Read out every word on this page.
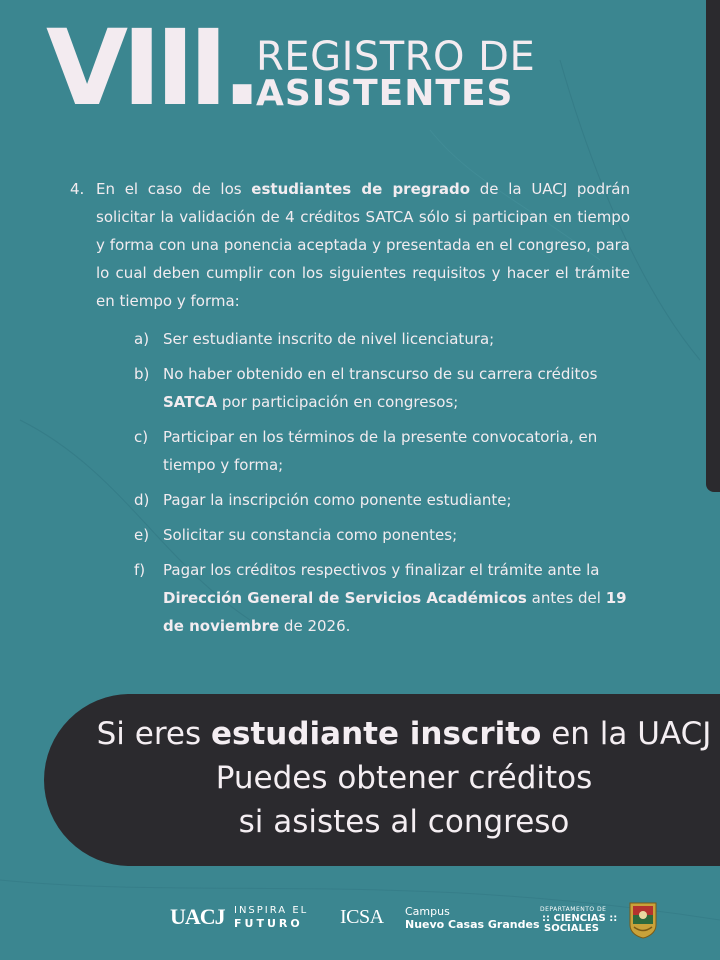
VIII. REGISTRO DE
ASISTENTES
4. En el caso de los estudiantes de pregrado de la UACJ podrán solicitar la validación de 4 créditos SATCA sólo si participan en tiempo y forma con una ponencia aceptada y presentada en el congreso, para lo cual deben cumplir con los siguientes requisitos y hacer el trámite en tiempo y forma:
a) Ser estudiante inscrito de nivel licenciatura;
b) No haber obtenido en el transcurso de su carrera créditos SATCA por participación en congresos;
c) Participar en los términos de la presente convocatoria, en tiempo y forma;
d) Pagar la inscripción como ponente estudiante;
e) Solicitar su constancia como ponentes;
f)	Pagar los créditos respectivos y finalizar el trámite ante la Dirección General de Servicios Académicos antes del 19 de noviembre de 2026.
Si eres estudiante inscrito en la UACJ
Puedes obtener créditos
si asistes al congreso
UACJ INSPIRA EL
FUTURO ICSA Campus
Nuevo Casas Grandes
DEPARTAMENTO DE
:: CIENCIAS ::
SOCIALES
